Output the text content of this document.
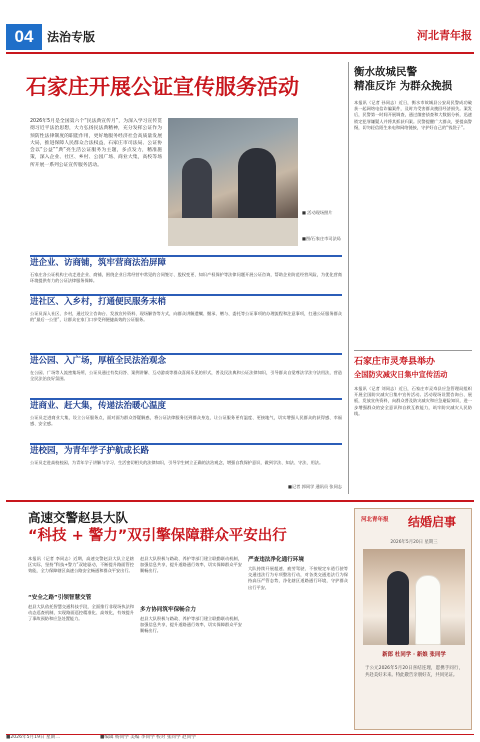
04	法治专版	河北青年报
石家庄开展公证宣传服务活动
2026年5月是全国第六个“民法典宣传月”，为深入学习宣传贯彻习近平法治思想，大力弘扬民法典精神，充分发挥公证作为预防性法律制度的职能作用，更好地服务经济社会高质量发展大局，推进保障人民群众合法权益，石家庄市司法局、公证协会以“公益”“典”亮生活公证服务为主题，多点发力，精准施策，深入企业、社区、乡村、公园广场、商业大集，高校等场所开展一系列公证宣传服务活动。
■ 活动现场照片
■图/石家庄市司法局
进企业、访商铺，筑牢营商法治屏障
石家庄各公证机构主动走进企业、商铺，围绕企业日常经营中常见的合同签订、股权变更、知识产权保护等法律问题开展公证咨询，帮助企业防范经营风险，为优化营商环境提供有力的公证法律服务保障。
进社区、入乡村，打通便民服务末梢
公证员深入社区、乡村，通过设立咨询台、发放宣传资料、现场解答等方式，向群众讲解遗嘱、继承、赠与、委托等公证事项的办理流程和注意事项，打通公证服务群众的“最后一公里”，让群众在家门口享受到便捷高效的公证服务。
进公园、入广场，厚植全民法治观念
在公园、广场等人流密集场所，公证员通过有奖问答、案例讲解、互动游戏等群众喜闻乐见的形式，普及民法典和公证法律知识，引导群众自觉尊法学法守法用法，营造全民法治良好氛围。
进商业、赶大集，传递法治暖心温度
公证员走进商业大集，设立公证服务点，面对面为群众答疑解惑，将公证法律服务送到群众身边，让公证服务更有温度、更接地气，切实增强人民群众的获得感、幸福感、安全感。
进校园，为青年学子护航成长路
公证员走进高校校园，为青年学子讲解与学习、生活密切相关的法律知识，引导学生树立正确的法治观念，增强自我保护意识，做到学法、知法、守法、用法。
■记者 郭同学 通讯员 张同志
衡水故城民警
精准反诈 为群众挽损
本报讯（记者 孙同志）近日，衡水市故城县公安局民警成功破获一起网络电信诈骗案件，及时为受害群众挽回经济损失。案发后，民警第一时间开展调查，通过缜密侦查和大数据分析，迅速锁定犯罪嫌疑人并将其抓获归案。民警提醒广大群众，要提高警惕，切勿轻信陌生来电和网络链接，守护好自己的“钱袋子”。
石家庄市灵寿县举办
全国防灾减灾日集中宣传活动
本报讯（记者 刘同志）近日，石家庄市灵寿县应急管理局组织开展全国防灾减灾日集中宣传活动。活动现场设置咨询台、展板，发放宣传资料，向群众普及防灾减灾和应急避险知识，进一步增强群众的安全意识和自救互救能力，筑牢防灾减灾人民防线。
高速交警赵县大队
“科技 + 警力”双引擎保障群众平安出行
本报讯（记者 李同志）近期，高速交警赵县大队立足辖区实际，坚持“科技+警力”双轮驱动，不断提升路面管控效能，全力保障辖区高速公路安全畅通和群众平安出行。
“安全之路”引领智慧交管
赵县大队依托智慧交通科技手段，全面推行非现场执法和动态巡查机制，实现路面巡控精准化、高效化，有效提升了事故预防和应急处置能力。
多方协同筑牢保畅合力
赵县大队积极与路政、养护等部门建立联勤联动机制，加强信息共享，提升道路通行效率，切实保障群众平安顺畅出行。
赵县大队积极与路政、养护等部门建立联勤联动机制，加强信息共享，提升道路通行效率，切实保障群众平安顺畅出行。
严查违法净化通行环境
大队持续开展超速、疲劳驾驶、不按规定车道行驶等交通违法行为专项整治行动，对各类交通违法行为保持高压严管态势，净化辖区道路通行环境，守护群众出行平安。
河北青年报	结婚启事
2026年5月20日 星期三
新郎 杜同学 · 新娘 张同学
于公元2026年5月20日喜结连理，愿携手同行，共赴美好未来。特此敬告亲朋好友，共同见证。
■2026年5月19日 星期二	■编辑 杨同学 美编 李同学 校对 张同学 赵同学
